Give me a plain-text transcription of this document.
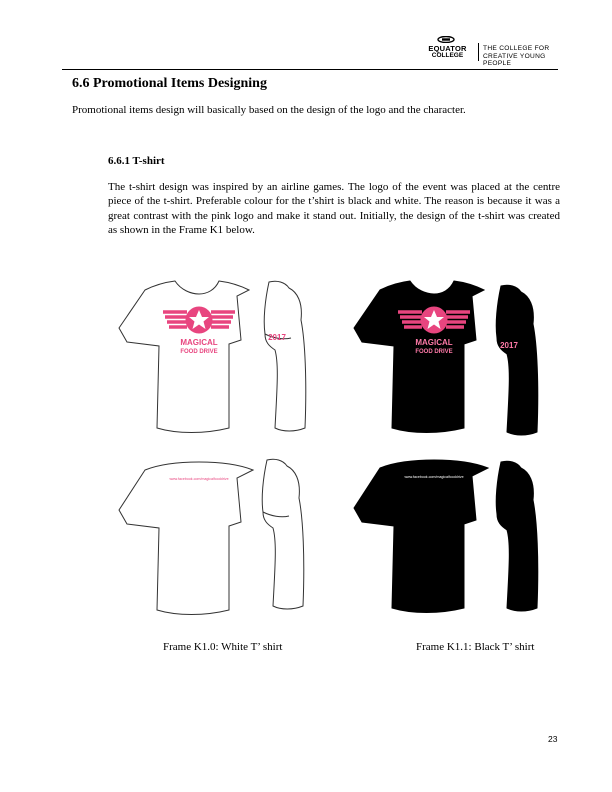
EQUATOR
COLLEGE
THE COLLEGE FOR
CREATIVE YOUNG PEOPLE
6.6 Promotional Items Designing
Promotional items design will basically based on the design of the logo and the character.
6.6.1 T-shirt
The t-shirt design was inspired by an airline games. The logo of the event was placed at the centre piece of the t-shirt. Preferable colour for the t’shirt is black and white. The reason is because it was a great contrast with the pink logo and make it stand out. Initially, the design of the t-shirt was created as shown in the Frame K1 below.
MAGICAL
FOOD DRIVE
2017
MAGICAL
FOOD DRIVE
2017
www.facebook.com/magicalfooddrive	www.facebook.com/magicalfooddrive
Frame K1.0: White T’ shirt	Frame K1.1: Black T’ shirt
23
